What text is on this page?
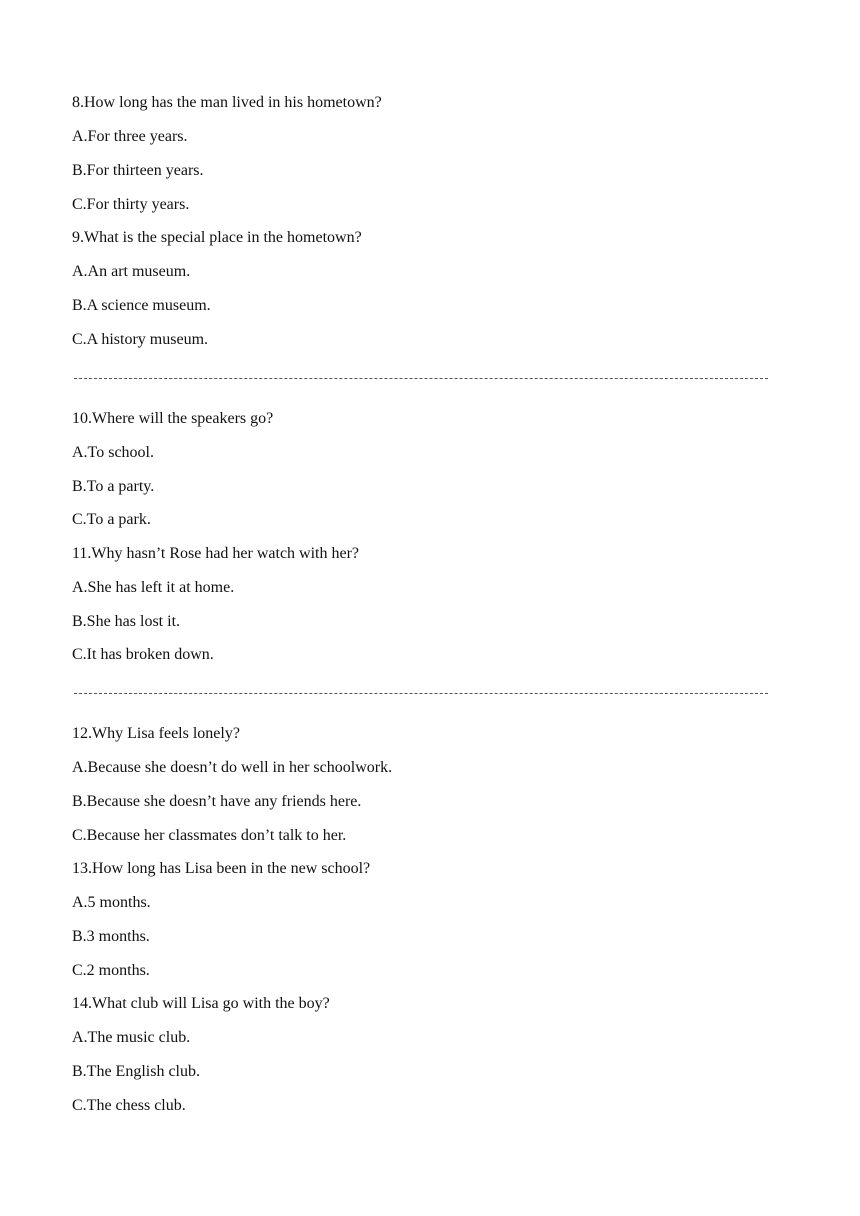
8.How long has the man lived in his hometown?
A.For three years.
B.For thirteen years.
C.For thirty years.
9.What is the special place in the hometown?
A.An art museum.
B.A science museum.
C.A history museum.
10.Where will the speakers go?
A.To school.
B.To a party.
C.To a park.
11.Why hasn’t Rose had her watch with her?
A.She has left it at home.
B.She has lost it.
C.It has broken down.
12.Why Lisa feels lonely?
A.Because she doesn’t do well in her schoolwork.
B.Because she doesn’t have any friends here.
C.Because her classmates don’t talk to her.
13.How long has Lisa been in the new school?
A.5 months.
B.3 months.
C.2 months.
14.What club will Lisa go with the boy?
A.The music club.
B.The English club.
C.The chess club.
